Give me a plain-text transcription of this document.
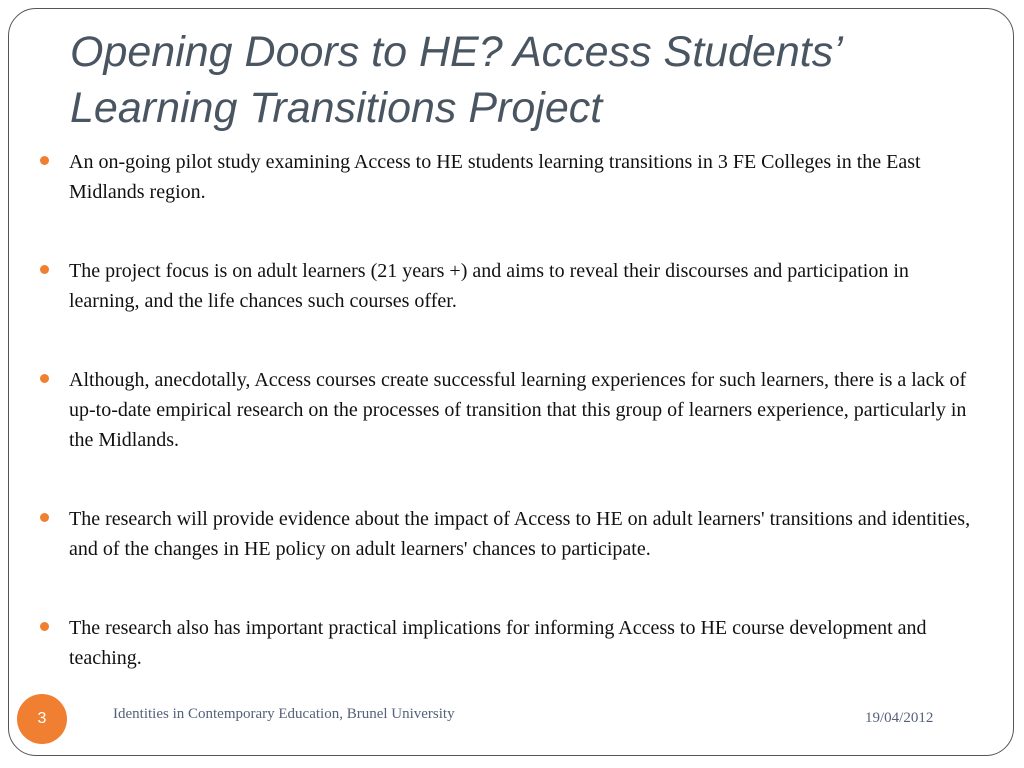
Opening Doors to HE? Access Students’ Learning Transitions Project
An on-going pilot study examining Access to HE students learning transitions in 3 FE Colleges in the East Midlands region.
The project focus is on adult learners (21 years +) and aims to reveal their discourses and participation in learning, and the life chances such courses offer.
Although, anecdotally, Access courses create successful learning experiences for such learners, there is a lack of up-to-date empirical research on the processes of transition that this group of learners experience, particularly in the Midlands.
The research will provide evidence about the impact of Access to HE on adult learners' transitions and identities, and of the changes in HE policy on adult learners' chances to participate.
The research also has important practical implications for informing Access to HE course development and teaching.
3	Identities in Contemporary Education, Brunel University	19/04/2012
